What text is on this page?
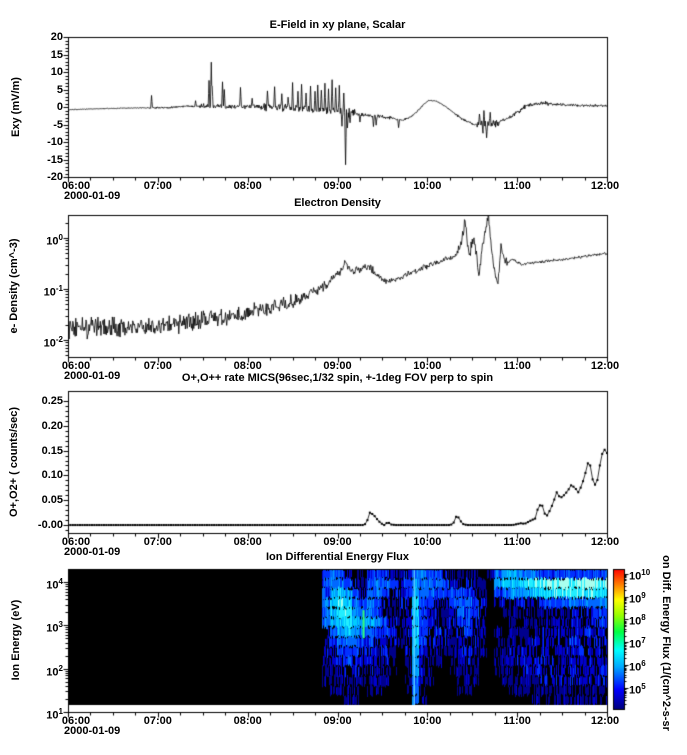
E-Field in xy plane, Scalar
Electron Density
O+,O++ rate MICS(96sec,1/32 spin, +-1deg FOV perp to spin
Ion Differential Energy Flux
Exy (mV/m)
e- Density (cm^-3)
O+,O2+ ( counts/sec)
Ion Energy (eV)	on Diff. Energy Flux (1/(cm^2-s-sr
06:00	07:00	08:00	09:00	10:00	11:00	12:00
2000-01-09
06:00	07:00	08:00	09:00	10:00	11:00	12:00
2000-01-09
06:00	07:00	08:00	09:00	10:00	11:00	12:00
2000-01-09
06:00	07:00	08:00	09:00	10:00	11:00	12:00
2000-01-09
20
15
10
5
0
-5
-10
-15
-20
$10^0$
$10^{-1}$
$10^{-2}$
0.25
0.20
0.15
0.10
0.05
-0.00
$10^4$
$10^3$
$10^2$
$10^1$
$10^{10}$
$10^9$
$10^8$
$10^7$
$10^6$
$10^5$
